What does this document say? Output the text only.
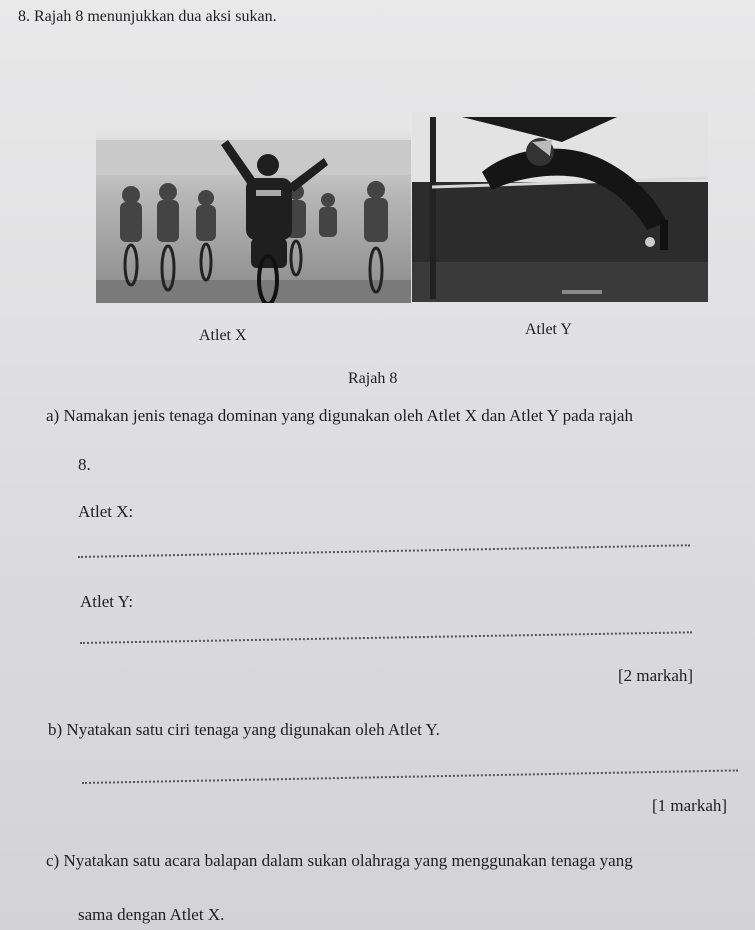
8. Rajah 8 menunjukkan dua aksi sukan.
Atlet X	Atlet Y
Rajah 8
a) Namakan jenis tenaga dominan yang digunakan oleh Atlet X dan Atlet Y pada rajah
8.
Atlet X:
Atlet Y:
[2 markah]
b) Nyatakan satu ciri tenaga yang digunakan oleh Atlet Y.
[1 markah]
c) Nyatakan satu acara balapan dalam sukan olahraga yang menggunakan tenaga yang
sama dengan Atlet X.
